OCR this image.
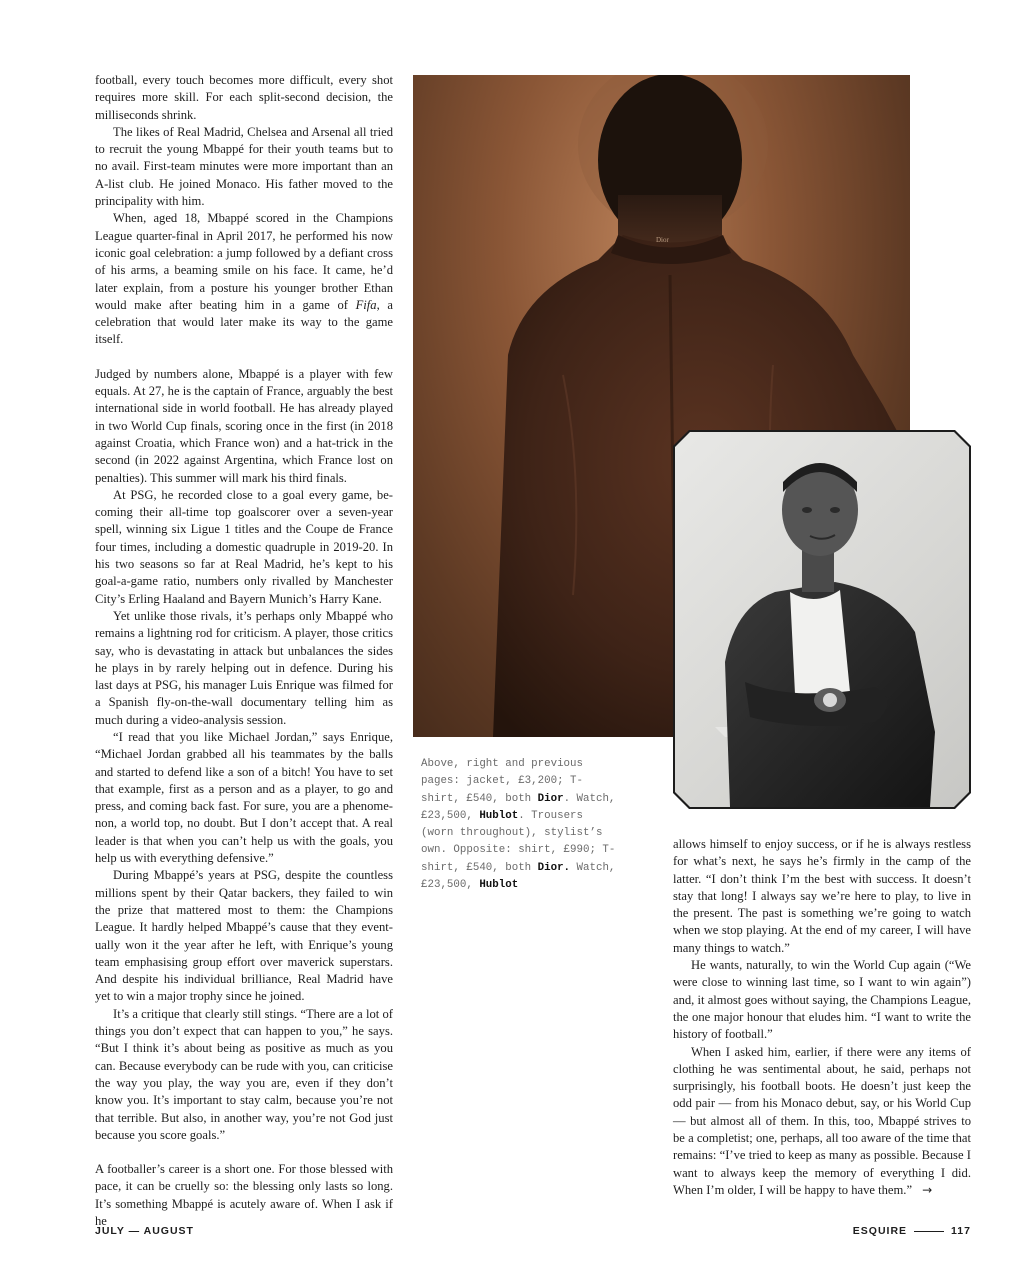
football, every touch becomes more difficult, every shot requires more skill. For each split-second decision, the milliseconds shrink.

The likes of Real Madrid, Chelsea and Arsenal all tried to recruit the young Mbappé for their youth teams but to no avail. First-team minutes were more important than an A-list club. He joined Monaco. His father moved to the principality with him.

When, aged 18, Mbappé scored in the Champions League quarter-final in April 2017, he performed his now iconic goal celebration: a jump followed by a defiant cross of his arms, a beaming smile on his face. It came, he’d later explain, from a posture his younger brother Ethan would make after beating him in a game of Fifa, a celebration that would later make its way to the game itself.

Judged by numbers alone, Mbappé is a player with few equals. At 27, he is the captain of France, arguably the best international side in world football. He has already played in two World Cup finals, scoring once in the first (in 2018 against Croatia, which France won) and a hat-trick in the second (in 2022 against Argentina, which France lost on penalties). This summer will mark his third finals.

At PSG, he recorded close to a goal every game, becoming their all-time top goalscorer over a seven-year spell, winning six Ligue 1 titles and the Coupe de France four times, including a domestic quadruple in 2019-20. In his two seasons so far at Real Madrid, he’s kept to his goal-a-game ratio, numbers only rivalled by Manchester City’s Erling Haaland and Bayern Munich’s Harry Kane.

Yet unlike those rivals, it’s perhaps only Mbappé who remains a lightning rod for criticism. A player, those critics say, who is devastating in attack but unbalances the sides he plays in by rarely helping out in defence. During his last days at PSG, his manager Luis Enrique was filmed for a Spanish fly-on-the-wall documentary telling him as much during a video-analysis session.

“I read that you like Michael Jordan,” says Enrique, “Michael Jordan grabbed all his teammates by the balls and started to defend like a son of a bitch! You have to set that example, first as a person and as a player, to go and press, and coming back fast. For sure, you are a phenomenon, a world top, no doubt. But I don’t accept that. A real leader is that when you can’t help us with the goals, you help us with everything defensive.”

During Mbappé’s years at PSG, despite the countless millions spent by their Qatar backers, they failed to win the prize that mattered most to them: the Champions League. It hardly helped Mbappé’s cause that they eventually won it the year after he left, with Enrique’s young team emphasising group effort over maverick superstars. And despite his individual brilliance, Real Madrid have yet to win a major trophy since he joined.

It’s a critique that clearly still stings. “There are a lot of things you don’t expect that can happen to you,” he says. “But I think it’s about being as positive as much as you can. Because everybody can be rude with you, can criticise the way you play, the way you are, even if they don’t know you. It’s important to stay calm, because you’re not that terrible. But also, in another way, you’re not God just because you score goals.”

A footballer’s career is a short one. For those blessed with pace, it can be cruelly so: the blessing only lasts so long. It’s something Mbappé is acutely aware of. When I ask if he

Dior
Above, right and previous pages: jacket, £3,200; T-shirt, £540, both Dior. Watch, £23,500, Hublot. Trousers (worn throughout), stylist’s own. Opposite: shirt, £990; T-shirt, £540, both Dior. Watch, £23,500, Hublot

allows himself to enjoy success, or if he is always restless for what’s next, he says he’s firmly in the camp of the latter. “I don’t think I’m the best with success. It doesn’t stay that long! I always say we’re here to play, to live in the present. The past is something we’re going to watch when we stop playing. At the end of my career, I will have many things to watch.”

He wants, naturally, to win the World Cup again (“We were close to winning last time, so I want to win again”) and, it almost goes without saying, the Champions League, the one major honour that eludes him. “I want to write the history of football.”

When I asked him, earlier, if there were any items of clothing he was sentimental about, he said, perhaps not surprisingly, his football boots. He doesn’t just keep the odd pair — from his Monaco debut, say, or his World Cup — but almost all of them. In this, too, Mbappé strives to be a completist; one, perhaps, all too aware of the time that remains: “I’ve tried to keep as many as possible. Because I want to always keep the memory of everything I did. When I’m older, I will be happy to have them.” →

JULY — AUGUST	ESQUIRE	117
